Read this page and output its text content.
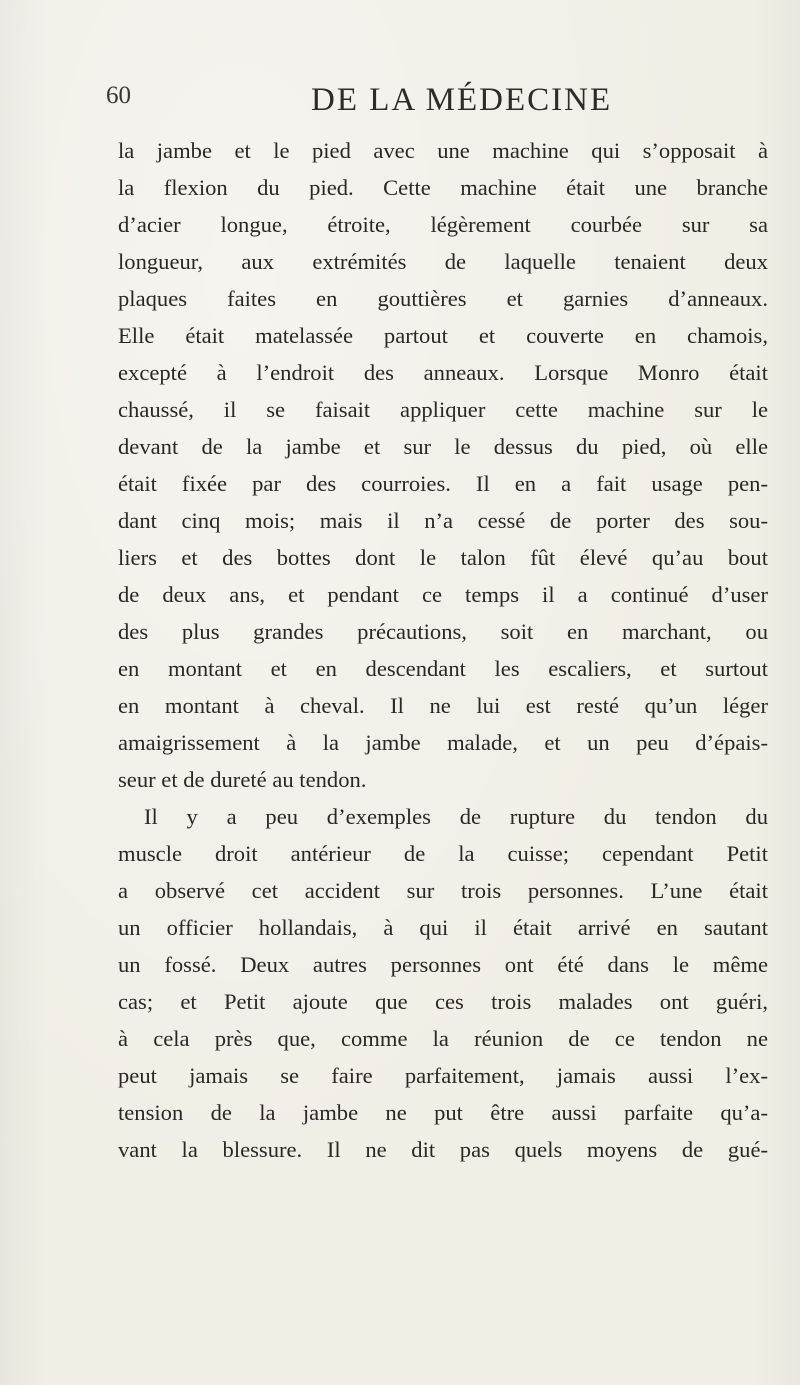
60	DE LA MÉDECINE
la jambe et le pied avec une machine qui s’opposait à
la flexion du pied. Cette machine était une branche
d’acier longue, étroite, légèrement courbée sur sa
longueur, aux extrémités de laquelle tenaient deux
plaques faites en gouttières et garnies d’anneaux.
Elle était matelassée partout et couverte en chamois,
excepté à l’endroit des anneaux. Lorsque Monro était
chaussé, il se faisait appliquer cette machine sur le
devant de la jambe et sur le dessus du pied, où elle
était fixée par des courroies. Il en a fait usage pen-
dant cinq mois; mais il n’a cessé de porter des sou-
liers et des bottes dont le talon fût élevé qu’au bout
de deux ans, et pendant ce temps il a continué d’user
des plus grandes précautions, soit en marchant, ou
en montant et en descendant les escaliers, et surtout
en montant à cheval. Il ne lui est resté qu’un léger
amaigrissement à la jambe malade, et un peu d’épais-
seur et de dureté au tendon.
Il y a peu d’exemples de rupture du tendon du
muscle droit antérieur de la cuisse; cependant Petit
a observé cet accident sur trois personnes. L’une était
un officier hollandais, à qui il était arrivé en sautant
un fossé. Deux autres personnes ont été dans le même
cas; et Petit ajoute que ces trois malades ont guéri,
à cela près que, comme la réunion de ce tendon ne
peut jamais se faire parfaitement, jamais aussi l’ex-
tension de la jambe ne put être aussi parfaite qu’a-
vant la blessure. Il ne dit pas quels moyens de gué-
